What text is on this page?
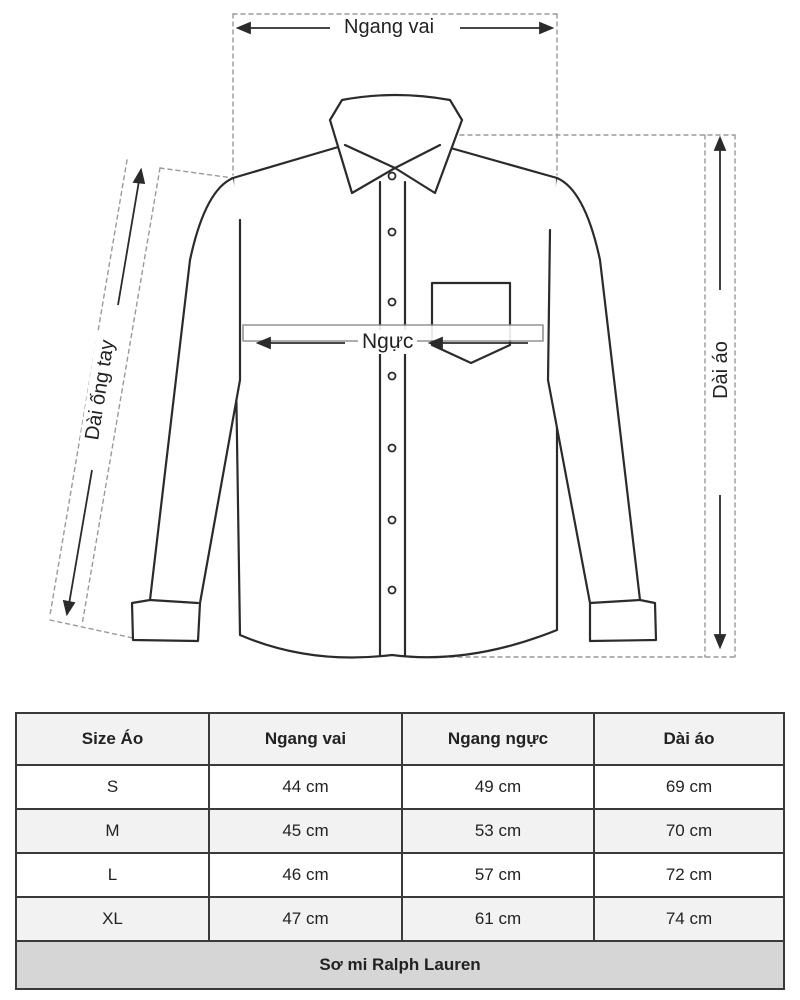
Ngang vai
Ngực
Dài ống tay	Dài áo
Size Áo	Ngang vai	Ngang ngực	Dài áo
S	44 cm	49 cm	69 cm
M	45 cm	53 cm	70 cm
L	46 cm	57 cm	72 cm
XL	47 cm	61 cm	74 cm
Sơ mi Ralph Lauren			
